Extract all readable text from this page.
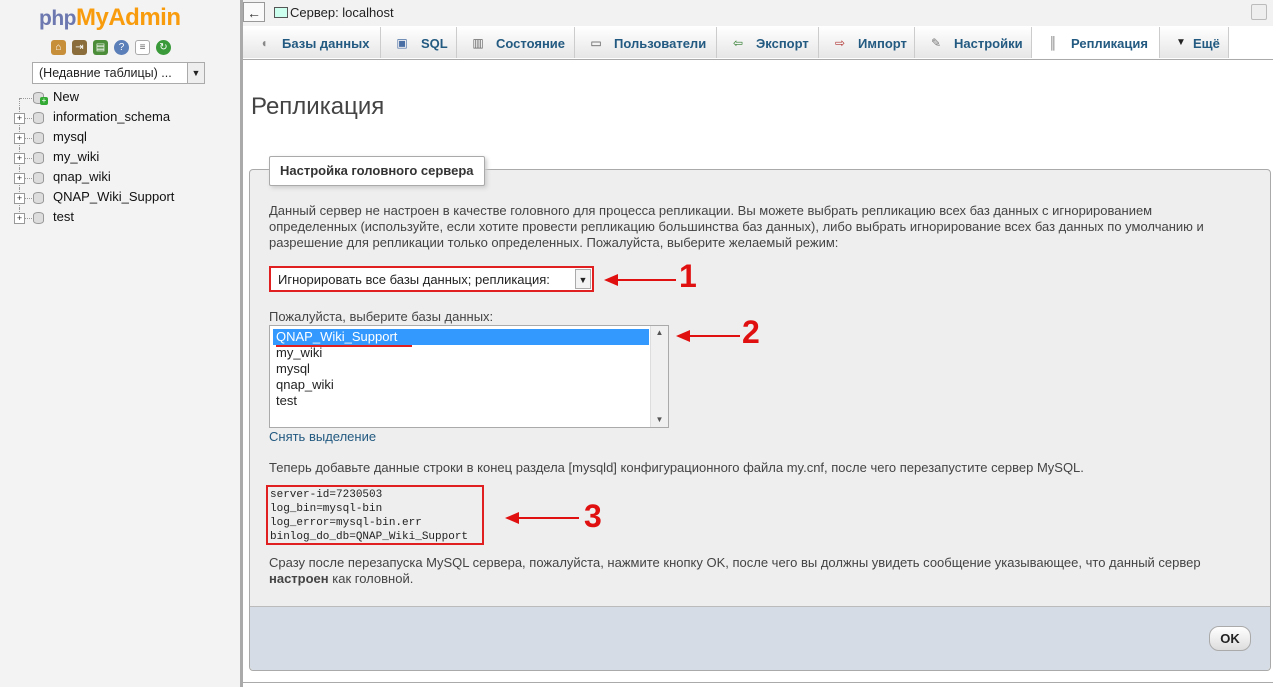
phpMyAdmin
⌂	⇥	▤	?	≡	↻
(Недавние таблицы) ...	▼
+ New
+ information_schema
+ mysql
+ my_wiki
+ qnap_wiki
+ QNAP_Wiki_Support
+ test
←	Сервер: localhost
◖ Базы данных ▣ SQL ▥ Состояние ▭ Пользователи ⇦ Экспорт ⇨ Импорт ✎ Настройки ║ Репликация	▼ Ещё
Репликация
Настройка головного сервера
Данный сервер не настроен в качестве головного для процесса репликации. Вы можете выбрать репликацию всех баз данных с игнорированием определенных (используйте, если хотите провести репликацию большинства баз данных), либо выбрать игнорирование всех баз данных по умолчанию и разрешение для репликации только определенных. Пожалуйста, выберите желаемый режим:
Игнорировать все базы данных; репликация:	▼
Пожалуйста, выберите базы данных:
QNAP_Wiki_Support
my_wiki
mysql
qnap_wiki
test
▲
▼
Снять выделение
Теперь добавьте данные строки в конец раздела [mysqld] конфигурационного файла my.cnf, после чего перезапустите сервер MySQL.
server-id=7230503
log_bin=mysql-bin
log_error=mysql-bin.err
binlog_do_db=QNAP_Wiki_Support
Сразу после перезапуска MySQL сервера, пожалуйста, нажмите кнопку OK, после чего вы должны увидеть сообщение указывающее, что данный сервер настроен как головной.
OK
1
2
3
